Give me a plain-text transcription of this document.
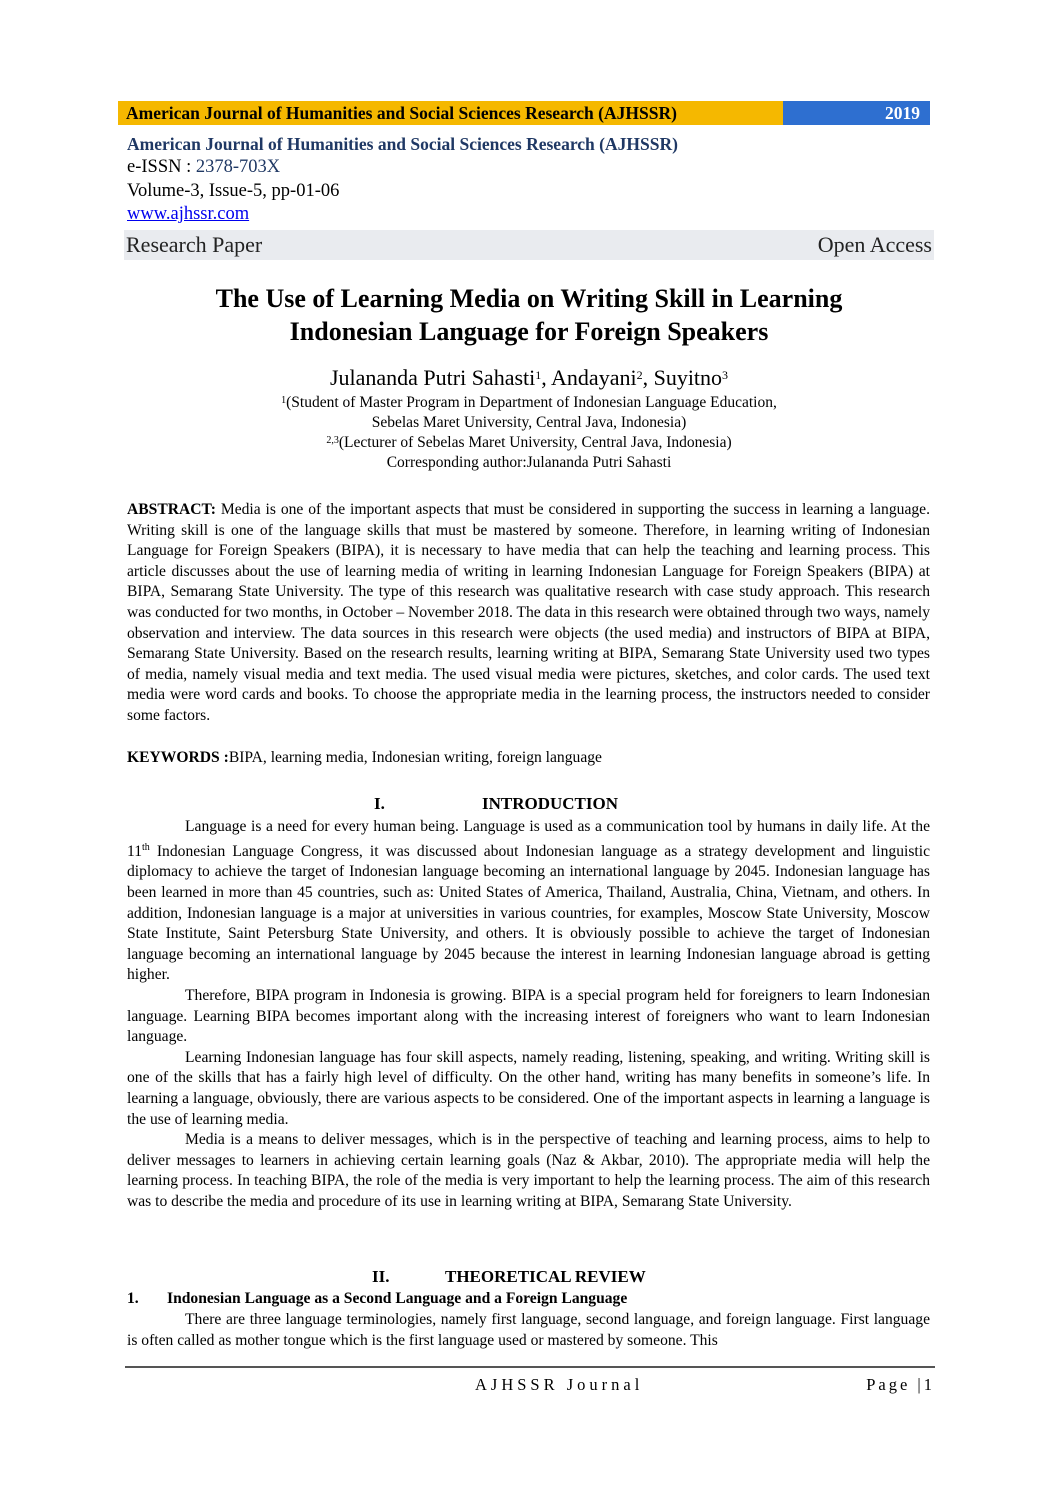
American Journal of Humanities and Social Sciences Research (AJHSSR)	2019
American Journal of Humanities and Social Sciences Research (AJHSSR)
e-ISSN : 2378-703X
Volume-3, Issue-5, pp-01-06
www.ajhssr.com
Research Paper	Open Access
The Use of Learning Media on Writing Skill in Learning
Indonesian Language for Foreign Speakers
Julananda Putri Sahasti$^1$, Andayani$^2$, Suyitno$^3$
$^1$(Student of Master Program in Department of Indonesian Language Education,
Sebelas Maret University, Central Java, Indonesia)
$^{2,3}$(Lecturer of Sebelas Maret University, Central Java, Indonesia)
Corresponding author:Julananda Putri Sahasti
ABSTRACT: Media is one of the important aspects that must be considered in supporting the success in learning a language. Writing skill is one of the language skills that must be mastered by someone. Therefore, in learning writing of Indonesian Language for Foreign Speakers (BIPA), it is necessary to have media that can help the teaching and learning process. This article discusses about the use of learning media of writing in learning Indonesian Language for Foreign Speakers (BIPA) at BIPA, Semarang State University. The type of this research was qualitative research with case study approach. This research was conducted for two months, in October – November 2018. The data in this research were obtained through two ways, namely observation and interview. The data sources in this research were objects (the used media) and instructors of BIPA at BIPA, Semarang State University. Based on the research results, learning writing at BIPA, Semarang State University used two types of media, namely visual media and text media. The used visual media were pictures, sketches, and color cards. The used text media were word cards and books. To choose the appropriate media in the learning process, the instructors needed to consider some factors.
KEYWORDS :BIPA, learning media, Indonesian writing, foreign language
I.	INTRODUCTION

Language is a need for every human being. Language is used as a communication tool by humans in daily life. At the 11th Indonesian Language Congress, it was discussed about Indonesian language as a strategy development and linguistic diplomacy to achieve the target of Indonesian language becoming an international language by 2045. Indonesian language has been learned in more than 45 countries, such as: United States of America, Thailand, Australia, China, Vietnam, and others. In addition, Indonesian language is a major at universities in various countries, for examples, Moscow State University, Moscow State Institute, Saint Petersburg State University, and others. It is obviously possible to achieve the target of Indonesian language becoming an international language by 2045 because the interest in learning Indonesian language abroad is getting higher.

Therefore, BIPA program in Indonesia is growing. BIPA is a special program held for foreigners to learn Indonesian language. Learning BIPA becomes important along with the increasing interest of foreigners who want to learn Indonesian language.

Learning Indonesian language has four skill aspects, namely reading, listening, speaking, and writing. Writing skill is one of the skills that has a fairly high level of difficulty. On the other hand, writing has many benefits in someone’s life. In learning a language, obviously, there are various aspects to be considered. One of the important aspects in learning a language is the use of learning media.

Media is a means to deliver messages, which is in the perspective of teaching and learning process, aims to help to deliver messages to learners in achieving certain learning goals (Naz & Akbar, 2010). The appropriate media will help the learning process. In teaching BIPA, the role of the media is very important to help the learning process. The aim of this research was to describe the media and procedure of its use in learning writing at BIPA, Semarang State University.

II.	THEORETICAL REVIEW
1. Indonesian Language as a Second Language and a Foreign Language

There are three language terminologies, namely first language, second language, and foreign language. First language is often called as mother tongue which is the first language used or mastered by someone. This

AJHSSR Journal	Page |1
